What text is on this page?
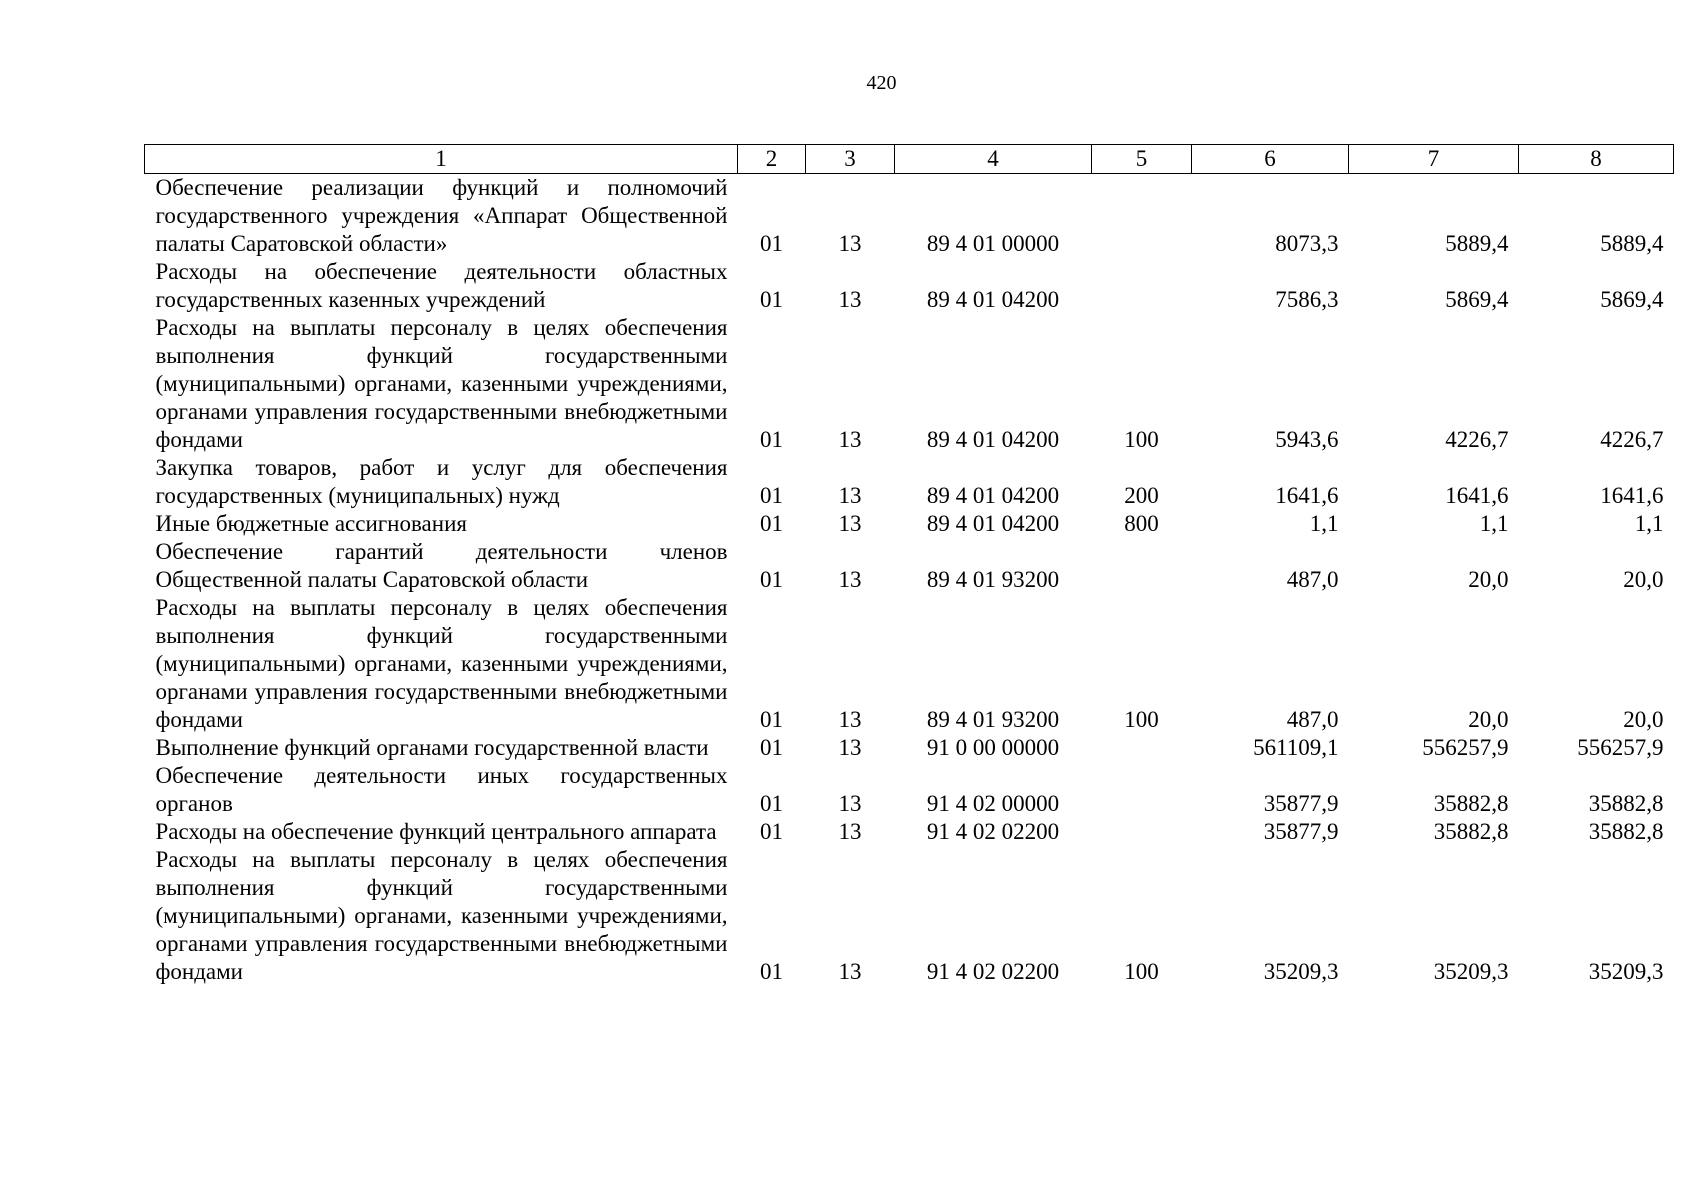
420
1	2	3	4	5	6	7	8
Обеспечение реализации функций и полномочий государственного учреждения «Аппарат Общественной палаты Саратовской области»	01	13	89 4 01 00000		8073,3	5889,4	5889,4
Расходы на обеспечение деятельности областных государственных казенных учреждений	01	13	89 4 01 04200		7586,3	5869,4	5869,4
Расходы на выплаты персоналу в целях обеспечения выполнения функций государственными (муниципальными) органами, казенными учреждениями, органами управления государственными внебюджетными фондами	01	13	89 4 01 04200	100	5943,6	4226,7	4226,7
Закупка товаров, работ и услуг для обеспечения государственных (муниципальных) нужд	01	13	89 4 01 04200	200	1641,6	1641,6	1641,6
Иные бюджетные ассигнования	01	13	89 4 01 04200	800	1,1	1,1	1,1
Обеспечение гарантий деятельности членов Общественной палаты Саратовской области	01	13	89 4 01 93200		487,0	20,0	20,0
Расходы на выплаты персоналу в целях обеспечения выполнения функций государственными (муниципальными) органами, казенными учреждениями, органами управления государственными внебюджетными фондами	01	13	89 4 01 93200	100	487,0	20,0	20,0
Выполнение функций органами государственной власти	01	13	91 0 00 00000		561109,1	556257,9	556257,9
Обеспечение деятельности иных государственных органов	01	13	91 4 02 00000		35877,9	35882,8	35882,8
Расходы на обеспечение функций центрального аппарата	01	13	91 4 02 02200		35877,9	35882,8	35882,8
Расходы на выплаты персоналу в целях обеспечения выполнения функций государственными (муниципальными) органами, казенными учреждениями, органами управления государственными внебюджетными фондами	01	13	91 4 02 02200	100	35209,3	35209,3	35209,3
